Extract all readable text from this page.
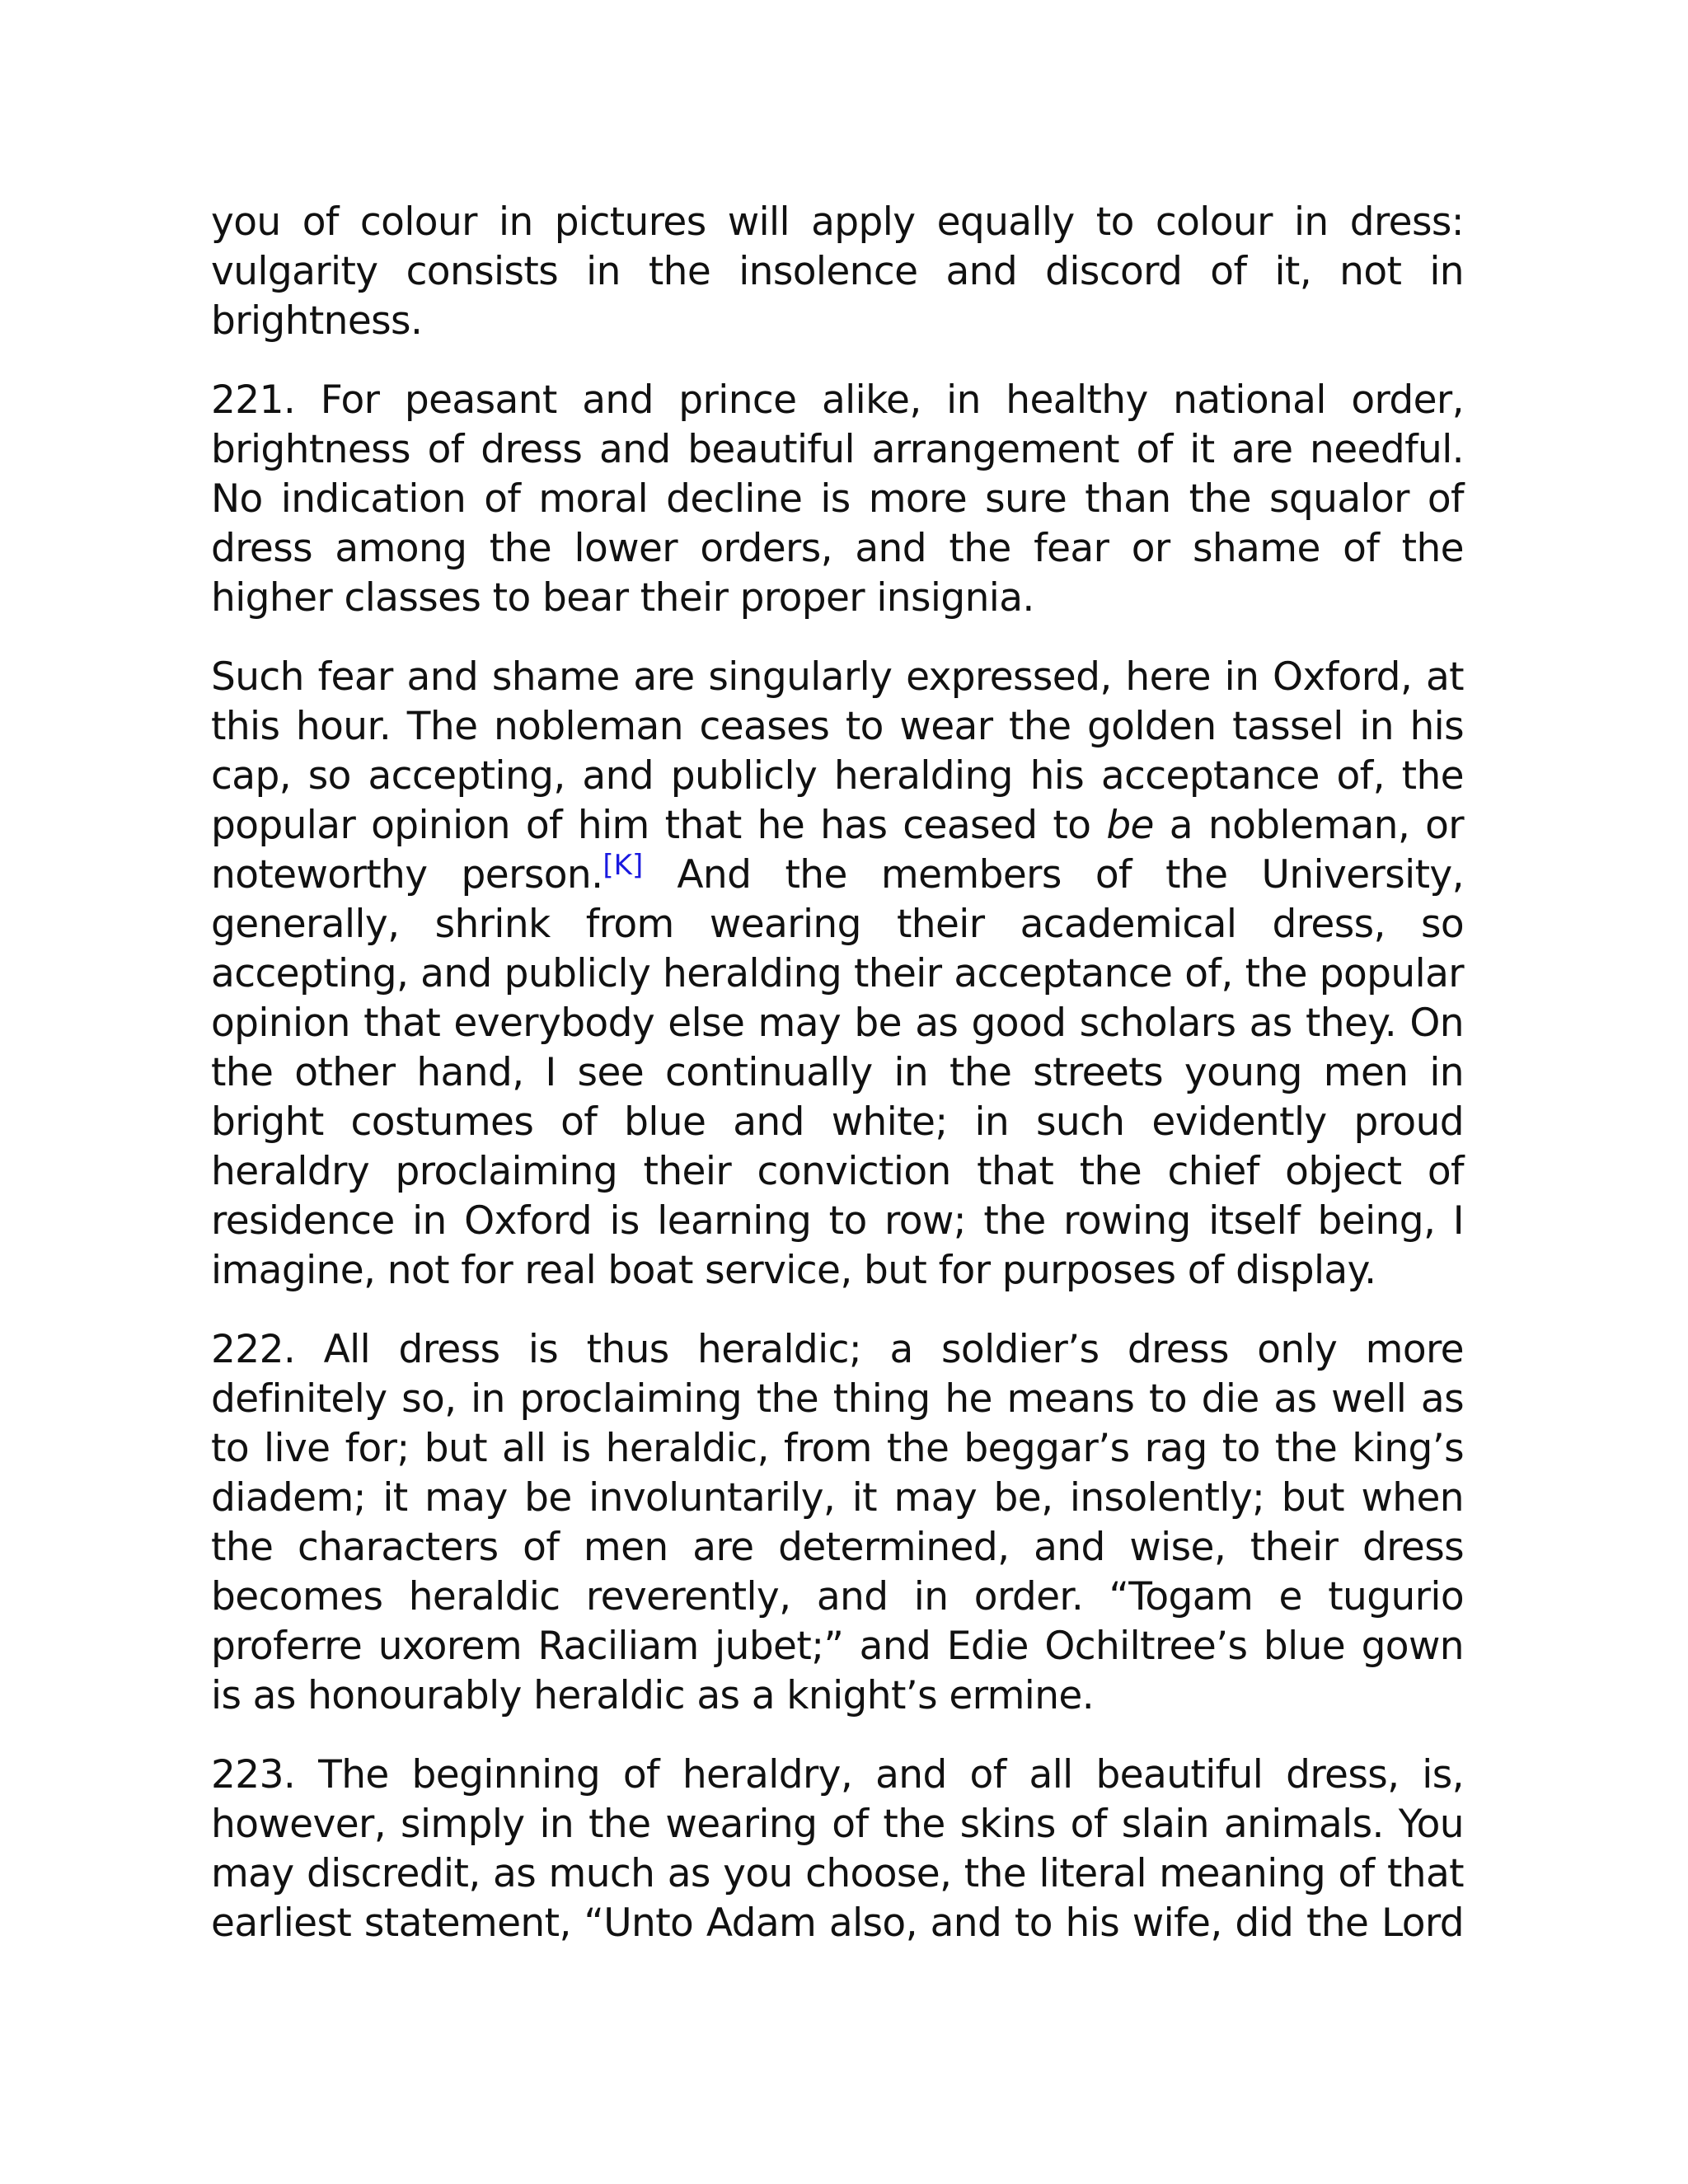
you of colour in pictures will apply equally to colour in dress: vulgarity consists in the insolence and discord of it, not in brightness.

221. For peasant and prince alike, in healthy national order, brightness of dress and beautiful arrangement of it are needful. No indication of moral decline is more sure than the squalor of dress among the lower orders, and the fear or shame of the higher classes to bear their proper insignia.

Such fear and shame are singularly expressed, here in Oxford, at this hour. The nobleman ceases to wear the golden tassel in his cap, so accepting, and publicly heralding his acceptance of, the popular opinion of him that he has ceased to be a nobleman, or noteworthy person.[K] And the members of the University, generally, shrink from wearing their academical dress, so accepting, and publicly heralding their acceptance of, the popular opinion that everybody else may be as good scholars as they. On the other hand, I see continually in the streets young men in bright costumes of blue and white; in such evidently proud heraldry proclaiming their conviction that the chief object of residence in Oxford is learning to row; the rowing itself being, I imagine, not for real boat service, but for purposes of display.

222. All dress is thus heraldic; a soldier’s dress only more definitely so, in proclaiming the thing he means to die as well as to live for; but all is heraldic, from the beggar’s rag to the king’s diadem; it may be involuntarily, it may be, insolently; but when the characters of men are determined, and wise, their dress becomes heraldic reverently, and in order. “Togam e tugurio proferre uxorem Raciliam jubet;” and Edie Ochiltree’s blue gown is as honourably heraldic as a knight’s ermine.

223. The beginning of heraldry, and of all beautiful dress, is, however, simply in the wearing of the skins of slain animals. You may discredit, as much as you choose, the literal meaning of that earliest statement, “Unto Adam also, and to his wife, did the Lord
